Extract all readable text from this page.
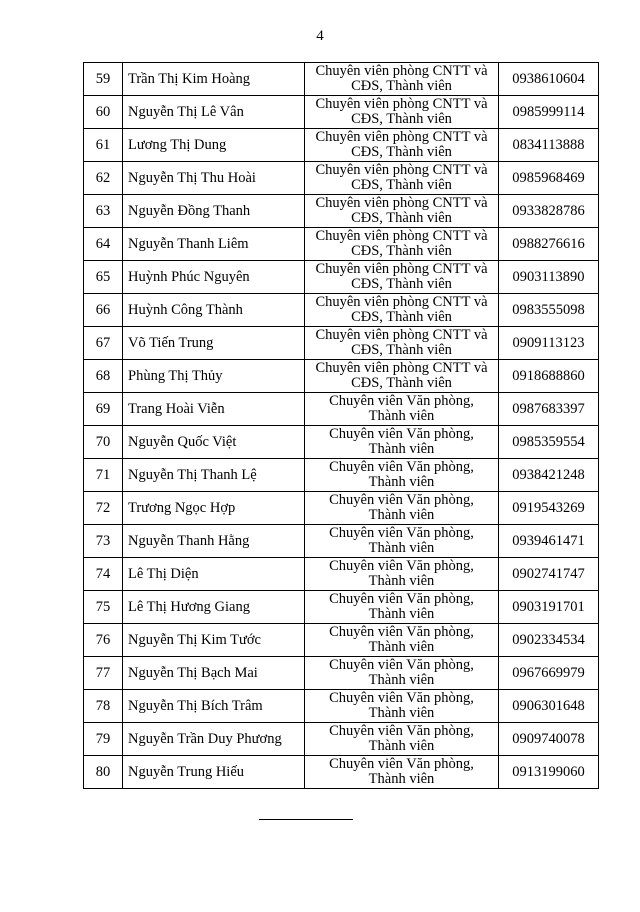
4
59	Trần Thị Kim Hoàng	Chuyên viên phòng CNTT và
CĐS, Thành viên	0938610604
60	Nguyễn Thị Lê Vân	Chuyên viên phòng CNTT và
CĐS, Thành viên	0985999114
61	Lương Thị Dung	Chuyên viên phòng CNTT và
CĐS, Thành viên	0834113888
62	Nguyễn Thị Thu Hoài	Chuyên viên phòng CNTT và
CĐS, Thành viên	0985968469
63	Nguyễn Đồng Thanh	Chuyên viên phòng CNTT và
CĐS, Thành viên	0933828786
64	Nguyễn Thanh Liêm	Chuyên viên phòng CNTT và
CĐS, Thành viên	0988276616
65	Huỳnh Phúc Nguyên	Chuyên viên phòng CNTT và
CĐS, Thành viên	0903113890
66	Huỳnh Công Thành	Chuyên viên phòng CNTT và
CĐS, Thành viên	0983555098
67	Võ Tiến Trung	Chuyên viên phòng CNTT và
CĐS, Thành viên	0909113123
68	Phùng Thị Thủy	Chuyên viên phòng CNTT và
CĐS, Thành viên	0918688860
69	Trang Hoài Viễn	Chuyên viên Văn phòng,
Thành viên	0987683397
70	Nguyễn Quốc Việt	Chuyên viên Văn phòng,
Thành viên	0985359554
71	Nguyễn Thị Thanh Lệ	Chuyên viên Văn phòng,
Thành viên	0938421248
72	Trương Ngọc Hợp	Chuyên viên Văn phòng,
Thành viên	0919543269
73	Nguyễn Thanh Hằng	Chuyên viên Văn phòng,
Thành viên	0939461471
74	Lê Thị Diện	Chuyên viên Văn phòng,
Thành viên	0902741747
75	Lê Thị Hương Giang	Chuyên viên Văn phòng,
Thành viên	0903191701
76	Nguyễn Thị Kim Tước	Chuyên viên Văn phòng,
Thành viên	0902334534
77	Nguyễn Thị Bạch Mai	Chuyên viên Văn phòng,
Thành viên	0967669979
78	Nguyễn Thị Bích Trâm	Chuyên viên Văn phòng,
Thành viên	0906301648
79	Nguyễn Trần Duy Phương	Chuyên viên Văn phòng,
Thành viên	0909740078
80	Nguyễn Trung Hiếu	Chuyên viên Văn phòng,
Thành viên	0913199060
